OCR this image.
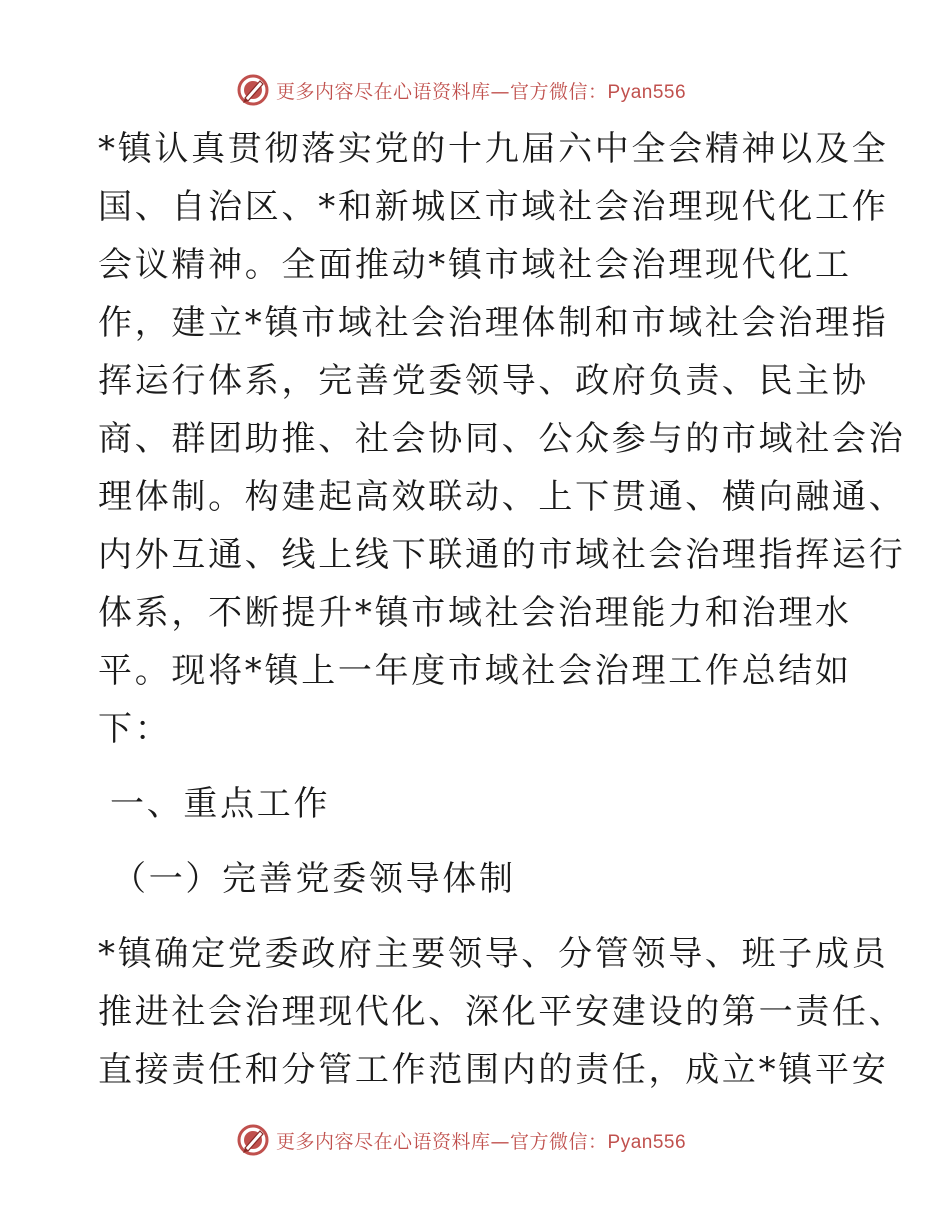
更多内容尽在心语资料库—官方微信：Pyan556

*镇认真贯彻落实党的十九届六中全会精神以及全
国、自治区、*和新城区市域社会治理现代化工作
会议精神。全面推动*镇市域社会治理现代化工
作，建立*镇市域社会治理体制和市域社会治理指
挥运行体系，完善党委领导、政府负责、民主协
商、群团助推、社会协同、公众参与的市域社会治
理体制。构建起高效联动、上下贯通、横向融通、
内外互通、线上线下联通的市域社会治理指挥运行
体系，不断提升*镇市域社会治理能力和治理水
平。现将*镇上一年度市域社会治理工作总结如
下：

一、重点工作
（一）完善党委领导体制

*镇确定党委政府主要领导、分管领导、班子成员
推进社会治理现代化、深化平安建设的第一责任、
直接责任和分管工作范围内的责任，成立*镇平安

更多内容尽在心语资料库—官方微信：Pyan556
